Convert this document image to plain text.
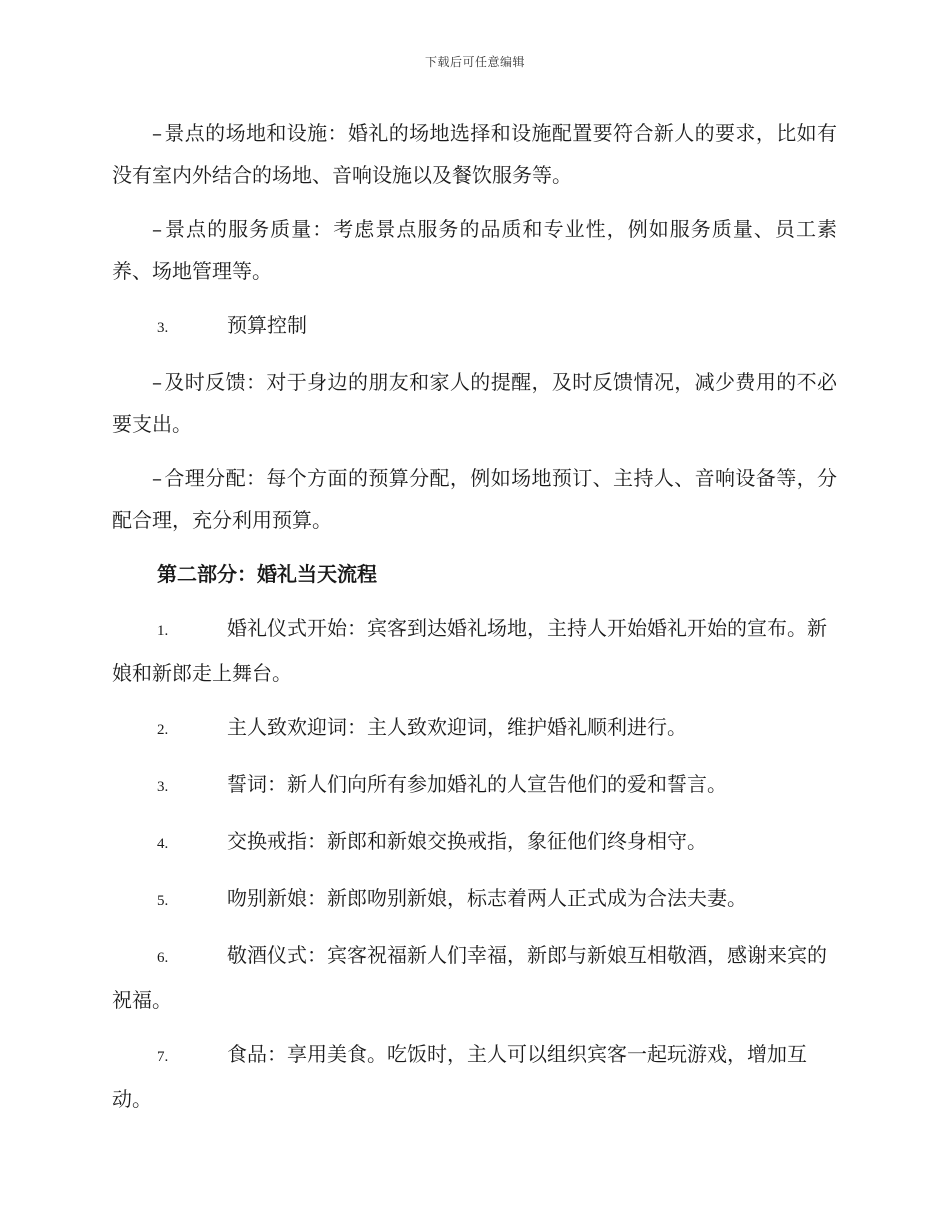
下载后可任意编辑

– 景点的场地和设施：婚礼的场地选择和设施配置要符合新人的要求，比如有没有室内外结合的场地、音响设施以及餐饮服务等。

– 景点的服务质量：考虑景点服务的品质和专业性，例如服务质量、员工素养、场地管理等。

3.	预算控制

– 及时反馈：对于身边的朋友和家人的提醒，及时反馈情况，减少费用的不必要支出。

– 合理分配：每个方面的预算分配，例如场地预订、主持人、音响设备等，分配合理，充分利用预算。

第二部分：婚礼当天流程

1.	婚礼仪式开始：宾客到达婚礼场地，主持人开始婚礼开始的宣布。新娘和新郎走上舞台。

2.	主人致欢迎词：主人致欢迎词，维护婚礼顺利进行。

3.	誓词：新人们向所有参加婚礼的人宣告他们的爱和誓言。

4.	交换戒指：新郎和新娘交换戒指，象征他们终身相守。

5.	吻别新娘：新郎吻别新娘，标志着两人正式成为合法夫妻。

6.	敬酒仪式：宾客祝福新人们幸福，新郎与新娘互相敬酒，感谢来宾的祝福。

7.	食品：享用美食。吃饭时，主人可以组织宾客一起玩游戏，增加互动。
